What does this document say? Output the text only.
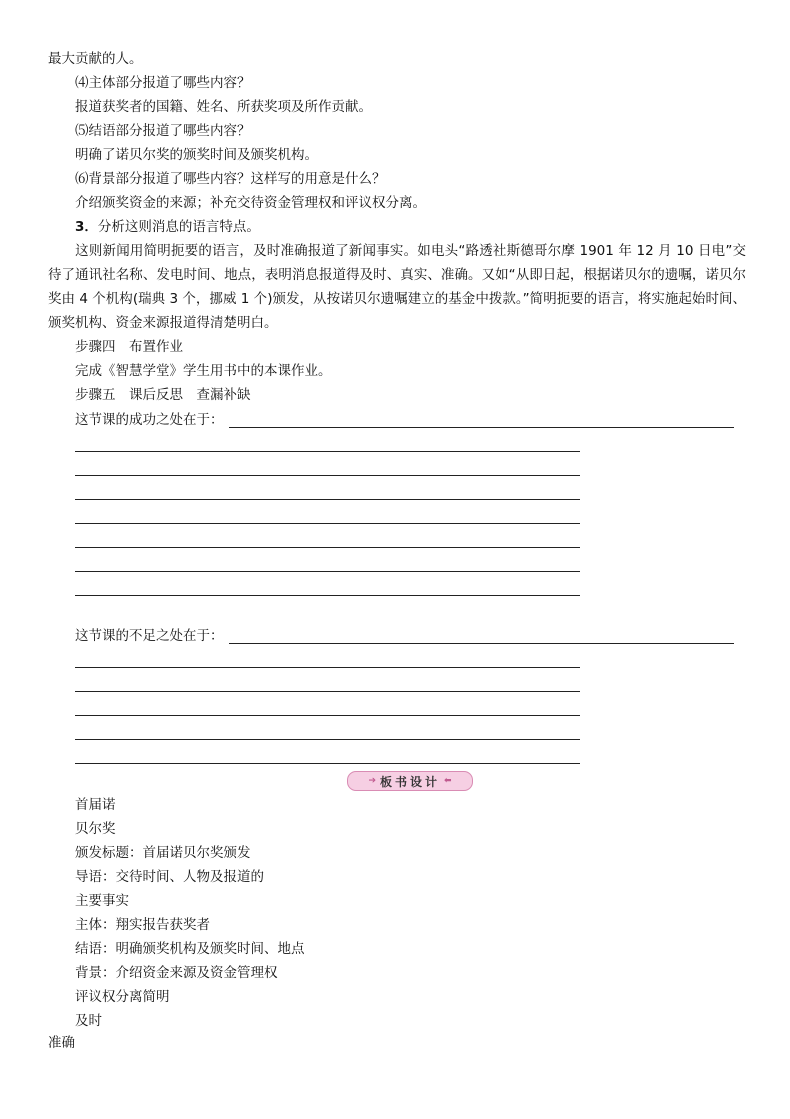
最大贡献的人。
⑷主体部分报道了哪些内容？
报道获奖者的国籍、姓名、所获奖项及所作贡献。
⑸结语部分报道了哪些内容？
明确了诺贝尔奖的颁奖时间及颁奖机构。
⑹背景部分报道了哪些内容？这样写的用意是什么？
介绍颁奖资金的来源；补充交待资金管理权和评议权分离。
3．分析这则消息的语言特点。
这则新闻用简明扼要的语言，及时准确报道了新闻事实。如电头“路透社斯德哥尔摩 1901 年 12 月 10 日电”交待了通讯社名称、发电时间、地点，表明消息报道得及时、真实、准确。又如“从即日起，根据诺贝尔的遗嘱，诺贝尔奖由 4 个机构(瑞典 3 个，挪威 1 个)颁发，从按诺贝尔遗嘱建立的基金中拨款。”简明扼要的语言，将实施起始时间、颁奖机构、资金来源报道得清楚明白。
步骤四　布置作业
完成《智慧学堂》学生用书中的本课作业。
步骤五　课后反思　查漏补缺
这节课的成功之处在于：
这节课的不足之处在于：
➔ 板书设计 ⬅
首届诺
贝尔奖
颁发标题：首届诺贝尔奖颁发
导语：交待时间、人物及报道的
主要事实
主体：翔实报告获奖者
结语：明确颁奖机构及颁奖时间、地点
背景：介绍资金来源及资金管理权
评议权分离简明
及时
准确
